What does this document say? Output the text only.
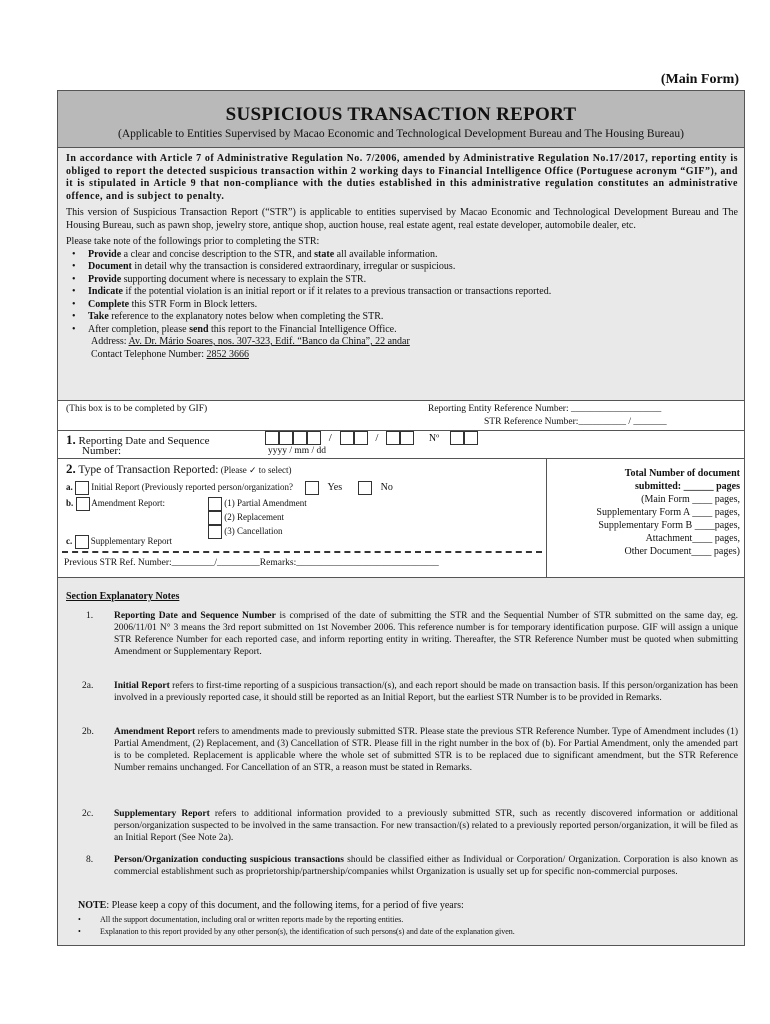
(Main Form)
SUSPICIOUS TRANSACTION REPORT
(Applicable to Entities Supervised by Macao Economic and Technological Development Bureau and The Housing Bureau)

In accordance with Article 7 of Administrative Regulation No. 7/2006, amended by Administrative Regulation No.17/2017, reporting entity is obliged to report the detected suspicious transaction within 2 working days to Financial Intelligence Office (Portuguese acronym “GIF”), and it is stipulated in Article 9 that non-compliance with the duties established in this administrative regulation constitutes an administrative offence, and is subject to penalty.

This version of Suspicious Transaction Report (“STR”) is applicable to entities supervised by Macao Economic and Technological Development Bureau and The Housing Bureau, such as pawn shop, jewelry store, antique shop, auction house, real estate agent, real estate developer, automobile dealer, etc.

Please take note of the followings prior to completing the STR:

• Provide a clear and concise description to the STR, and state all available information.
• Document in detail why the transaction is considered extraordinary, irregular or suspicious.
• Provide supporting document where is necessary to explain the STR.
• Indicate if the potential violation is an initial report or if it relates to a previous transaction or transactions reported.
• Complete this STR Form in Block letters.
• Take reference to the explanatory notes below when completing the STR.
• After completion, please send this report to the Financial Intelligence Office.
Address: Av. Dr. Mário Soares, nos. 307-323, Edif. “Banco da China”, 22 andar
Contact Telephone Number: 2852 3666
(This box is to be completed by GIF)	Reporting Entity Reference Number: ___________________
STR Reference Number:__________ / _______
1. Reporting Date and Sequence
Number:
/	/	Nº
yyyy / mm / dd
2. Type of Transaction Reported: (Please ✓ to select)
a. Initial Report (Previously reported person/organization?	Yes	No
b. Amendment Report:	(1) Partial Amendment
(2) Replacement
(3) Cancellation
c. Supplementary Report
Previous STR Ref. Number:_________/_________Remarks:______________________________
Total Number of document
submitted: ______ pages
(Main Form ____ pages,
Supplementary Form A ____ pages,
Supplementary Form B ____pages,
Attachment____ pages,
Other Document____ pages)
Section Explanatory Notes
1. Reporting Date and Sequence Number is comprised of the date of submitting the STR and the Sequential Number of STR submitted on the same day, eg. 2006/11/01 N° 3 means the 3rd report submitted on 1st November 2006. This reference number is for temporary identification purpose. GIF will assign a unique STR Reference Number for each reported case, and inform reporting entity in writing. Thereafter, the STR Reference Number must be quoted when submitting Amendment or Supplementary Report.
2a. Initial Report refers to first-time reporting of a suspicious transaction/(s), and each report should be made on transaction basis. If this person/organization has been involved in a previously reported case, it should still be reported as an Initial Report, but the earliest STR Number is to be provided in Remarks.
2b. Amendment Report refers to amendments made to previously submitted STR. Please state the previous STR Reference Number. Type of Amendment includes (1) Partial Amendment, (2) Replacement, and (3) Cancellation of STR. Please fill in the right number in the box of (b). For Partial Amendment, only the amended part is to be completed. Replacement is applicable where the whole set of submitted STR is to be replaced due to significant amendment, but the STR Reference Number remains unchanged. For Cancellation of an STR, a reason must be stated in Remarks.
2c. Supplementary Report refers to additional information provided to a previously submitted STR, such as recently discovered information or additional person/organization suspected to be involved in the same transaction. For new transaction/(s) related to a previously reported person/organization, it will be filed as an Initial Report (See Note 2a).
8. Person/Organization conducting suspicious transactions should be classified either as Individual or Corporation/ Organization. Corporation is also known as commercial establishment such as proprietorship/partnership/companies whilst Organization is usually set up for specific non-commercial purposes.
NOTE: Please keep a copy of this document, and the following items, for a period of five years:
• All the support documentation, including oral or written reports made by the reporting entities.
• Explanation to this report provided by any other person(s), the identification of such persons(s) and date of the explanation given.
